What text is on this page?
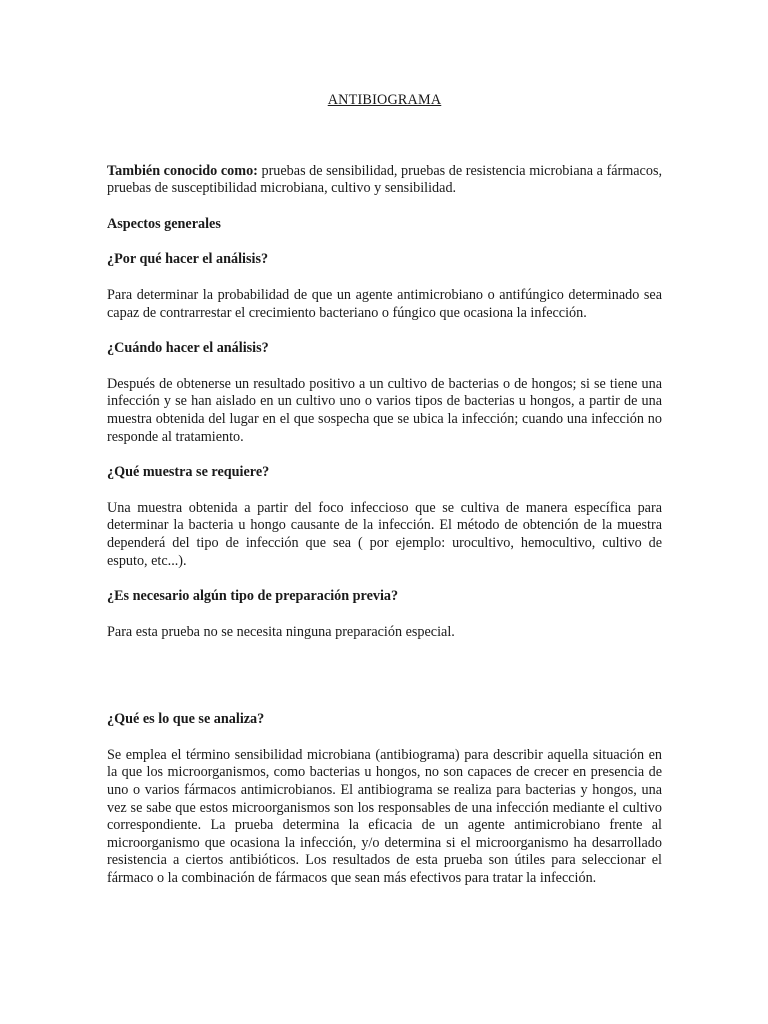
ANTIBIOGRAMA

También conocido como: pruebas de sensibilidad, pruebas de resistencia microbiana a fármacos, pruebas de susceptibilidad microbiana, cultivo y sensibilidad.

Aspectos generales
¿Por qué hacer el análisis?

Para determinar la probabilidad de que un agente antimicrobiano o antifúngico determinado sea capaz de contrarrestar el crecimiento bacteriano o fúngico que ocasiona la infección.

¿Cuándo hacer el análisis?

Después de obtenerse un resultado positivo a un cultivo de bacterias o de hongos; si se tiene una infección y se han aislado en un cultivo uno o varios tipos de bacterias u hongos, a partir de una muestra obtenida del lugar en el que sospecha que se ubica la infección; cuando una infección no responde al tratamiento.

¿Qué muestra se requiere?

Una muestra obtenida a partir del foco infeccioso que se cultiva de manera específica para determinar la bacteria u hongo causante de la infección. El método de obtención de la muestra dependerá del tipo de infección que sea ( por ejemplo: urocultivo, hemocultivo, cultivo de esputo, etc...).

¿Es necesario algún tipo de preparación previa?

Para esta prueba no se necesita ninguna preparación especial.

¿Qué es lo que se analiza?

Se emplea el término sensibilidad microbiana (antibiograma) para describir aquella situación en la que los microorganismos, como bacterias u hongos, no son capaces de crecer en presencia de uno o varios fármacos antimicrobianos. El antibiograma se realiza para bacterias y hongos, una vez se sabe que estos microorganismos son los responsables de una infección mediante el cultivo correspondiente. La prueba determina la eficacia de un agente antimicrobiano frente al microorganismo que ocasiona la infección, y/o determina si el microorganismo ha desarrollado resistencia a ciertos antibióticos. Los resultados de esta prueba son útiles para seleccionar el fármaco o la combinación de fármacos que sean más efectivos para tratar la infección.
